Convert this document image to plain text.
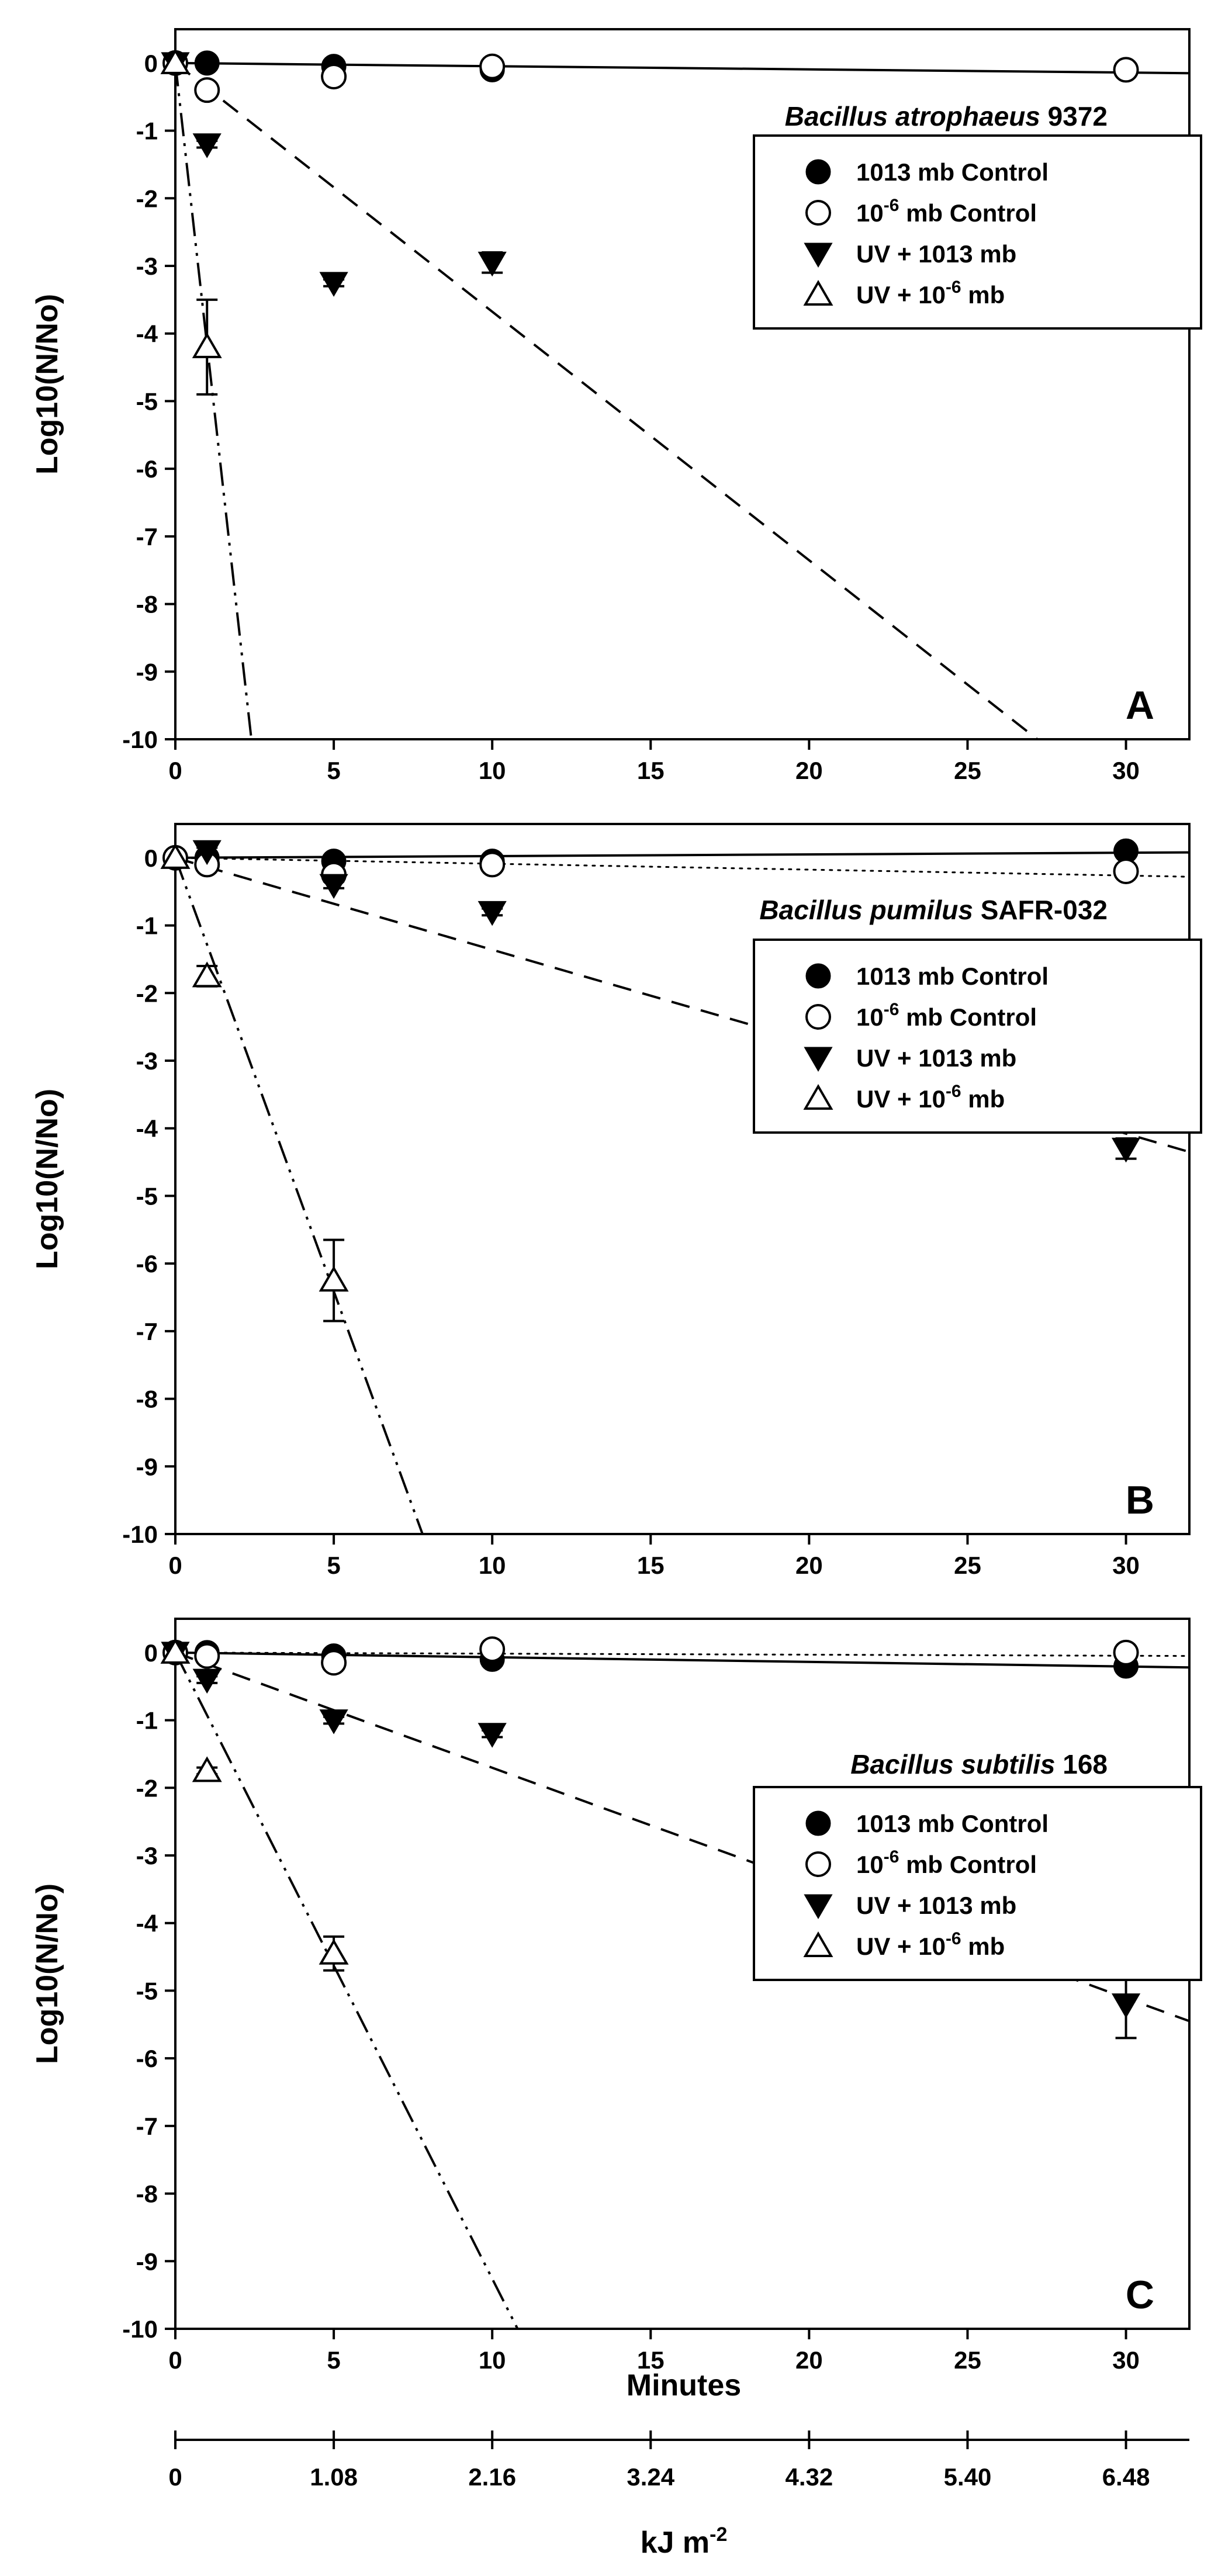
0
-1
-2
-3
-4
-5
-6
-7
-8
-9
-10
0	5	10	15	20	25	30
Log10(N/No)
Bacillus atrophaeus 9372
1013 mb Control
$10^{-6}$ mb Control
UV + 1013 mb
UV + $10^{-6}$ mb
A
0
-1
-2
-3
-4
-5
-6
-7
-8
-9
-10
0	5	10	15	20	25	30
Log10(N/No)
Bacillus pumilus SAFR-032
1013 mb Control
$10^{-6}$ mb Control
UV + 1013 mb
UV + $10^{-6}$ mb
B
0
-1
-2
-3
-4
-5
-6
-7
-8
-9
-10
0	5	10	15	20	25	30
Log10(N/No)
Bacillus subtilis 168
1013 mb Control
$10^{-6}$ mb Control
UV + 1013 mb
UV + $10^{-6}$ mb
C
Minutes
0	1.08	2.16	3.24	4.32	5.40	6.48
kJ $m^{-2}$
